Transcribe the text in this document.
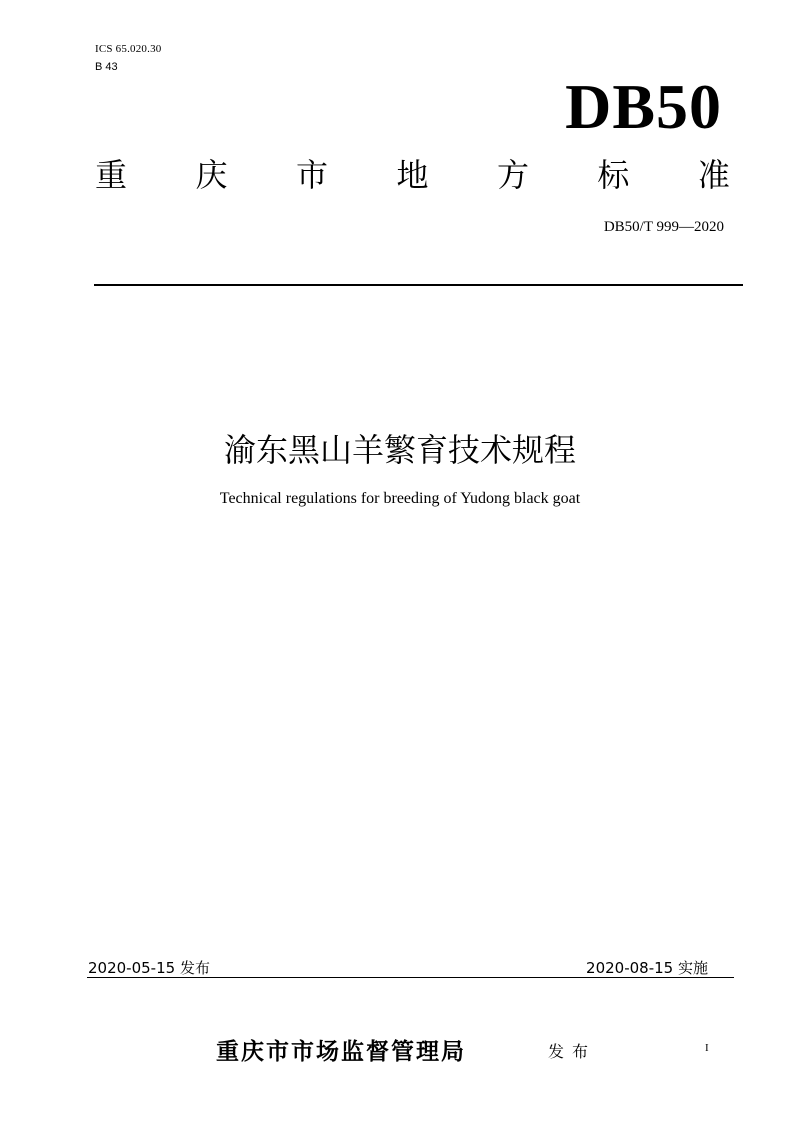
ICS 65.020.30
B 43
DB50
重 庆 市 地 方 标 准
DB50/T 999—2020
渝东黑山羊繁育技术规程
Technical regulations for breeding of Yudong black goat
2020-05-15 发布	2020-08-15 实施
重庆市市场监督管理局	发布	I
